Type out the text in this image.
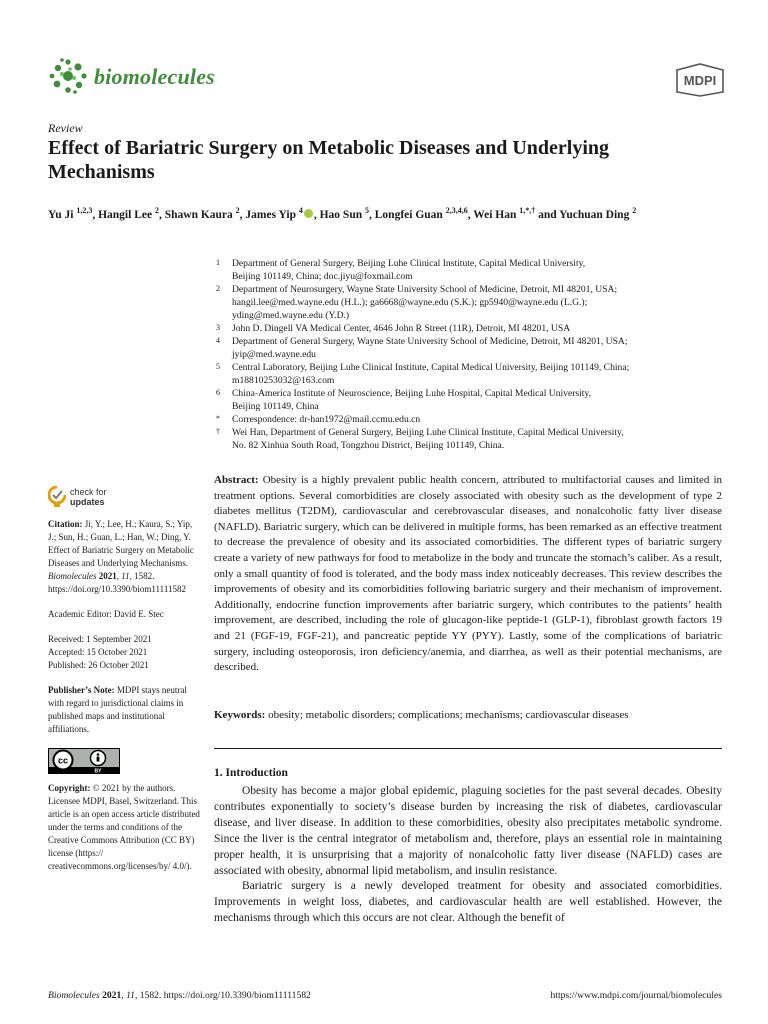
biomolecules	MDPI
Review
Effect of Bariatric Surgery on Metabolic Diseases and Underlying Mechanisms
Yu Ji $^{1,2,3}$, Hangil Lee $^2$, Shawn Kaura $^2$, James Yip $^4$ , Hao Sun $^5$, Longfei Guan $^{2,3,4,6}$, Wei Han $^{1,*,\dagger}$ and Yuchuan Ding $^2$
1 Department of General Surgery, Beijing Luhe Clinical Institute, Capital Medical University,
Beijing 101149, China; doc.jiyu@foxmail.com
2 Department of Neurosurgery, Wayne State University School of Medicine, Detroit, MI 48201, USA;
hangil.lee@med.wayne.edu (H.L.); ga6668@wayne.edu (S.K.); gp5940@wayne.edu (L.G.);
yding@med.wayne.edu (Y.D.)
3 John D. Dingell VA Medical Center, 4646 John R Street (11R), Detroit, MI 48201, USA
4 Department of General Surgery, Wayne State University School of Medicine, Detroit, MI 48201, USA;
jyip@med.wayne.edu
5 Central Laboratory, Beijing Luhe Clinical Institute, Capital Medical University, Beijing 101149, China;
m18810253032@163.com
6 China-America Institute of Neuroscience, Beijing Luhe Hospital, Capital Medical University,
Beijing 101149, China
* Correspondence: dr-han1972@mail.ccmu.edu.cn
† Wei Han, Department of General Surgery, Beijing Luhe Clinical Institute, Capital Medical University,
No. 82 Xinhua South Road, Tongzhou District, Beijing 101149, China.
check for
updates
Citation: Ji, Y.; Lee, H.; Kaura, S.; Yip, J.; Sun, H.; Guan, L.; Han, W.; Ding, Y. Effect of Bariatric Surgery on Metabolic Diseases and Underlying Mechanisms. Biomolecules 2021, 11, 1582. https://doi.org/10.3390/biom11111582
Academic Editor: David E. Stec
Received: 1 September 2021
Accepted: 15 October 2021
Published: 26 October 2021
Publisher’s Note: MDPI stays neutral with regard to jurisdictional claims in published maps and institutional affiliations.
cc
BY
Copyright: © 2021 by the authors. Licensee MDPI, Basel, Switzerland. This article is an open access article distributed under the terms and conditions of the Creative Commons Attribution (CC BY) license (https:// creativecommons.org/licenses/by/ 4.0/).
Abstract: Obesity is a highly prevalent public health concern, attributed to multifactorial causes and limited in treatment options. Several comorbidities are closely associated with obesity such as the development of type 2 diabetes mellitus (T2DM), cardiovascular and cerebrovascular diseases, and nonalcoholic fatty liver disease (NAFLD). Bariatric surgery, which can be delivered in multiple forms, has been remarked as an effective treatment to decrease the prevalence of obesity and its associated comorbidities. The different types of bariatric surgery create a variety of new pathways for food to metabolize in the body and truncate the stomach’s caliber. As a result, only a small quantity of food is tolerated, and the body mass index noticeably decreases. This review describes the improvements of obesity and its comorbidities following bariatric surgery and their mechanism of improvement. Additionally, endocrine function improvements after bariatric surgery, which contributes to the patients’ health improvement, are described, including the role of glucagon-like peptide-1 (GLP-1), fibroblast growth factors 19 and 21 (FGF-19, FGF-21), and pancreatic peptide YY (PYY). Lastly, some of the complications of bariatric surgery, including osteoporosis, iron deficiency/anemia, and diarrhea, as well as their potential mechanisms, are described.
Keywords: obesity; metabolic disorders; complications; mechanisms; cardiovascular diseases
1. Introduction

Obesity has become a major global epidemic, plaguing societies for the past several decades. Obesity contributes exponentially to society’s disease burden by increasing the risk of diabetes, cardiovascular disease, and liver disease. In addition to these comorbidities, obesity also precipitates metabolic syndrome. Since the liver is the central integrator of metabolism and, therefore, plays an essential role in maintaining proper health, it is unsurprising that a majority of nonalcoholic fatty liver disease (NAFLD) cases are associated with obesity, abnormal lipid metabolism, and insulin resistance.

Bariatric surgery is a newly developed treatment for obesity and associated comorbidities. Improvements in weight loss, diabetes, and cardiovascular health are well established. However, the mechanisms through which this occurs are not clear. Although the benefit of

Biomolecules 2021, 11, 1582. https://doi.org/10.3390/biom11111582	https://www.mdpi.com/journal/biomolecules
